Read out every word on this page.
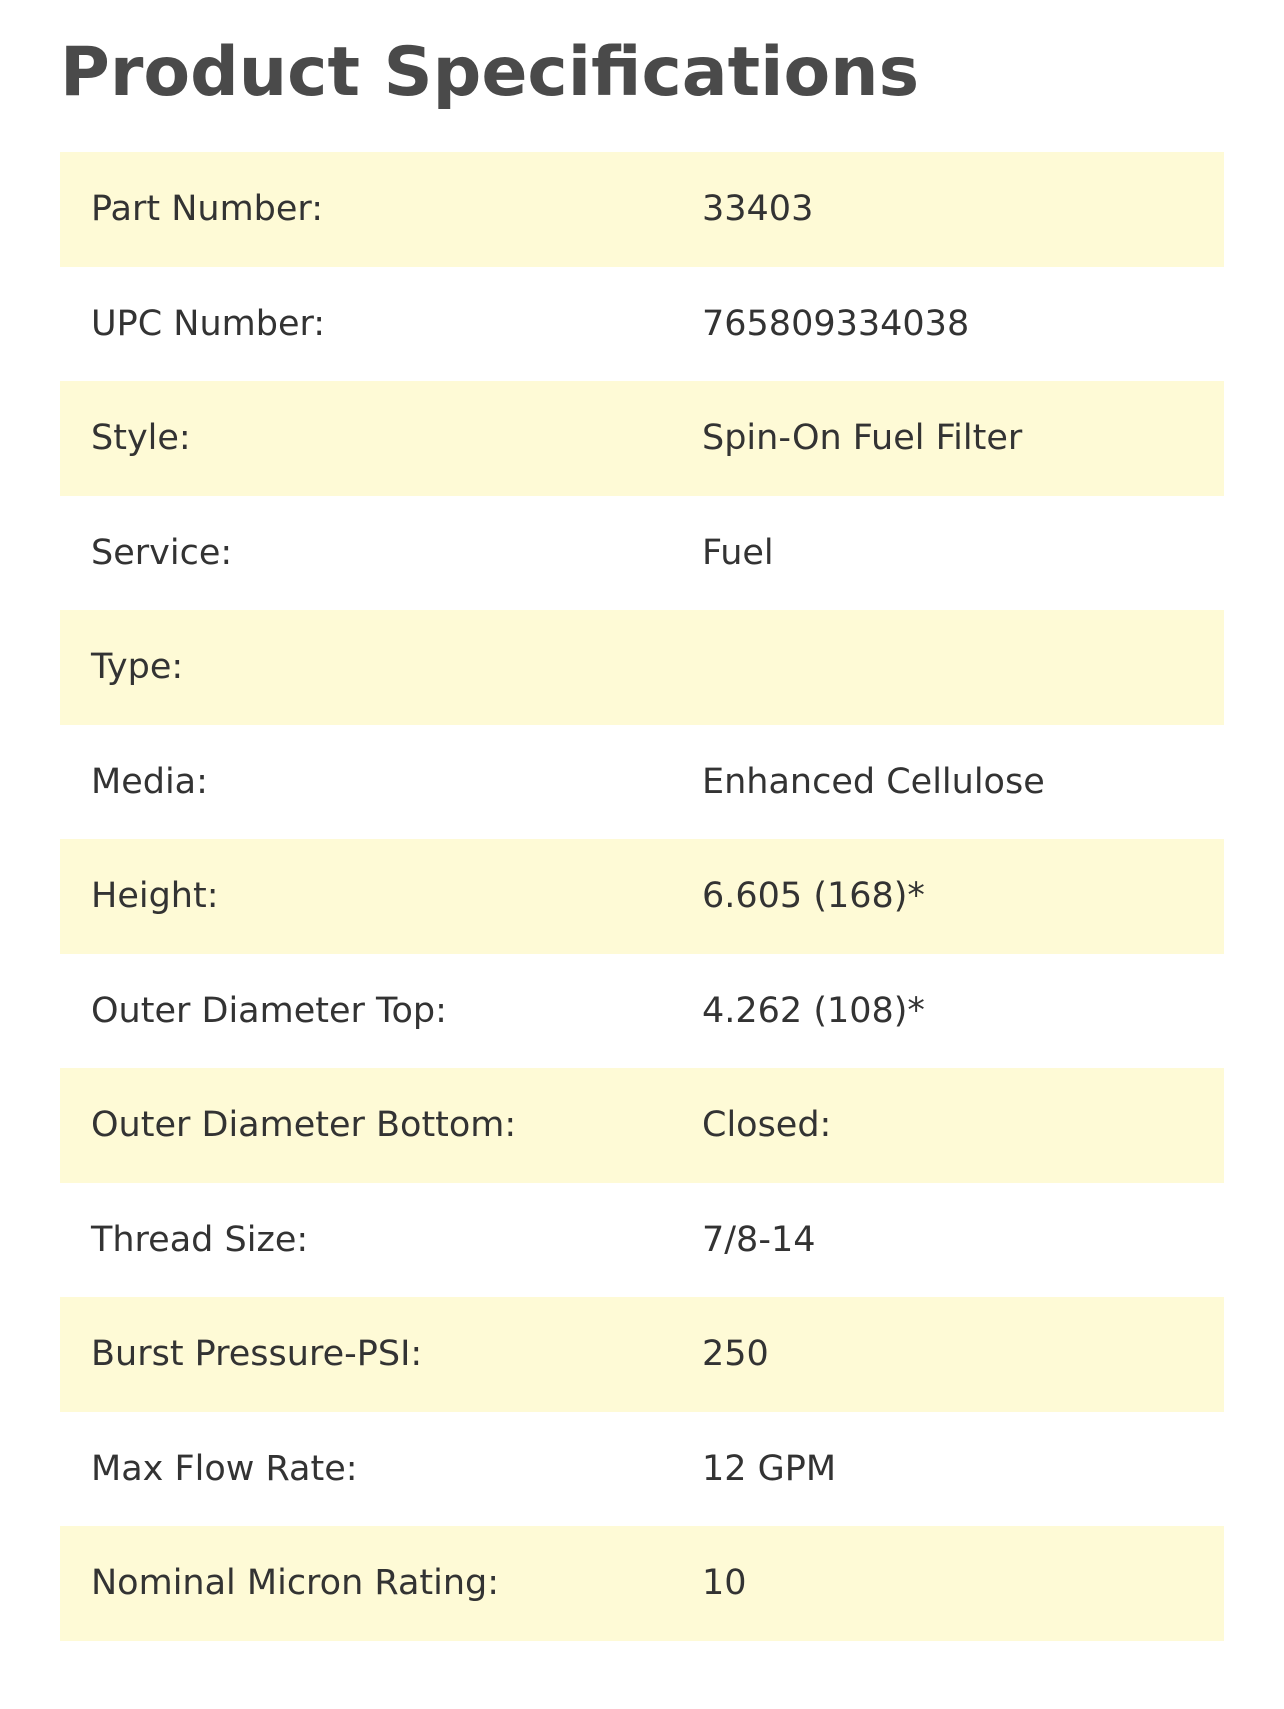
Product Specifications
Part Number:	33403
UPC Number:	765809334038
Style:	Spin-On Fuel Filter
Service:	Fuel
Type:	
Media:	Enhanced Cellulose
Height:	6.605 (168)*
Outer Diameter Top:	4.262 (108)*
Outer Diameter Bottom:	Closed:
Thread Size:	7/8-14
Burst Pressure-PSI:	250
Max Flow Rate:	12 GPM
Nominal Micron Rating:	10
